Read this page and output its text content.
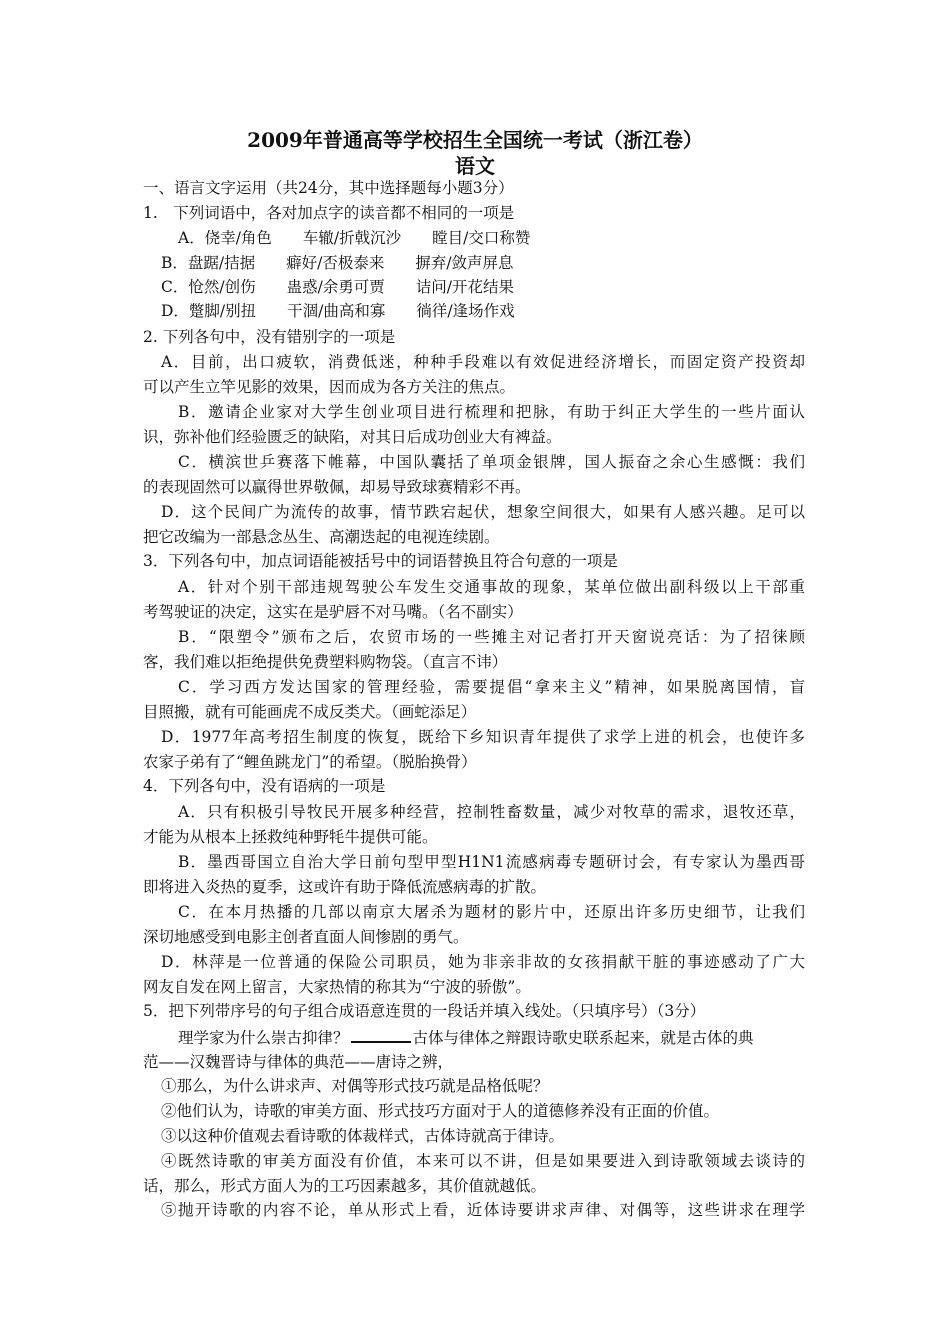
2009年普通高等学校招生全国统一考试（浙江卷）
语文
一、语言文字运用（共24分，其中选择题每小题3分）
1.　下列词语中，各对加点字的读音都不相同的一项是
A．侥幸/角色　　车辙/折戟沉沙　　瞠目/交口称赞
B．盘踞/拮据　　癖好/否极泰来　　摒弃/敛声屏息
C．怆然/创伤　　蛊惑/余勇可贾　　诘问/开花结果
D．蹩脚/别扭　　干涸/曲高和寡　　徜徉/逢场作戏
2. 下列各句中，没有错别字的一项是
A．目前，出口疲软，消费低迷，种种手段难以有效促进经济增长，而固定资产投资却
可以产生立竿见影的效果，因而成为各方关注的焦点。
B．邀请企业家对大学生创业项目进行梳理和把脉，有助于纠正大学生的一些片面认
识，弥补他们经验匮乏的缺陷，对其日后成功创业大有裨益。
C．横滨世乒赛落下帷幕，中国队囊括了单项金银牌，国人振奋之余心生感慨：我们
的表现固然可以赢得世界敬佩，却易导致球赛精彩不再。
D．这个民间广为流传的故事，情节跌宕起伏，想象空间很大，如果有人感兴趣。足可以
把它改编为一部悬念丛生、高潮迭起的电视连续剧。
3．下列各句中，加点词语能被括号中的词语替换且符合句意的一项是
A．针对个别干部违规驾驶公车发生交通事故的现象，某单位做出副科级以上干部重
考驾驶证的决定，这实在是驴唇不对马嘴。（名不副实）
B．“限塑令”颁布之后，农贸市场的一些摊主对记者打开天窗说亮话：为了招徕顾
客，我们难以拒绝提供免费塑料购物袋。（直言不讳）
C．学习西方发达国家的管理经验，需要提倡“拿来主义”精神，如果脱离国情，盲
目照搬，就有可能画虎不成反类犬。（画蛇添足）
D．1977年高考招生制度的恢复，既给下乡知识青年提供了求学上进的机会，也使许多
农家子弟有了“鲤鱼跳龙门”的希望。（脱胎换骨）
4．下列各句中，没有语病的一项是
A．只有积极引导牧民开展多种经营，控制牲畜数量，减少对牧草的需求，退牧还草，
才能为从根本上拯救纯种野牦牛提供可能。
B．墨西哥国立自治大学日前句型甲型H1N1流感病毒专题研讨会，有专家认为墨西哥
即将进入炎热的夏季，这或许有助于降低流感病毒的扩散。
C．在本月热播的几部以南京大屠杀为题材的影片中，还原出许多历史细节，让我们
深切地感受到电影主创者直面人间惨剧的勇气。
D．林萍是一位普通的保险公司职员，她为非亲非故的女孩捐献干脏的事迹感动了广大
网友自发在网上留言，大家热情的称其为“宁波的骄傲”。
5．把下列带序号的句子组合成语意连贯的一段话并填入线处。（只填序号）（3分）
理学家为什么崇古抑律？	古体与律体之辩跟诗歌史联系起来，就是古体的典
范——汉魏晋诗与律体的典范——唐诗之辨，
①那么，为什么讲求声、对偶等形式技巧就是品格低呢？
②他们认为，诗歌的审美方面、形式技巧方面对于人的道德修养没有正面的价值。
③以这种价值观去看诗歌的体裁样式，古体诗就高于律诗。
④既然诗歌的审美方面没有价值，本来可以不讲，但是如果要进入到诗歌领域去谈诗的
话，那么，形式方面人为的工巧因素越多，其价值就越低。
⑤抛开诗歌的内容不论，单从形式上看，近体诗要讲求声律、对偶等，这些讲求在理学
